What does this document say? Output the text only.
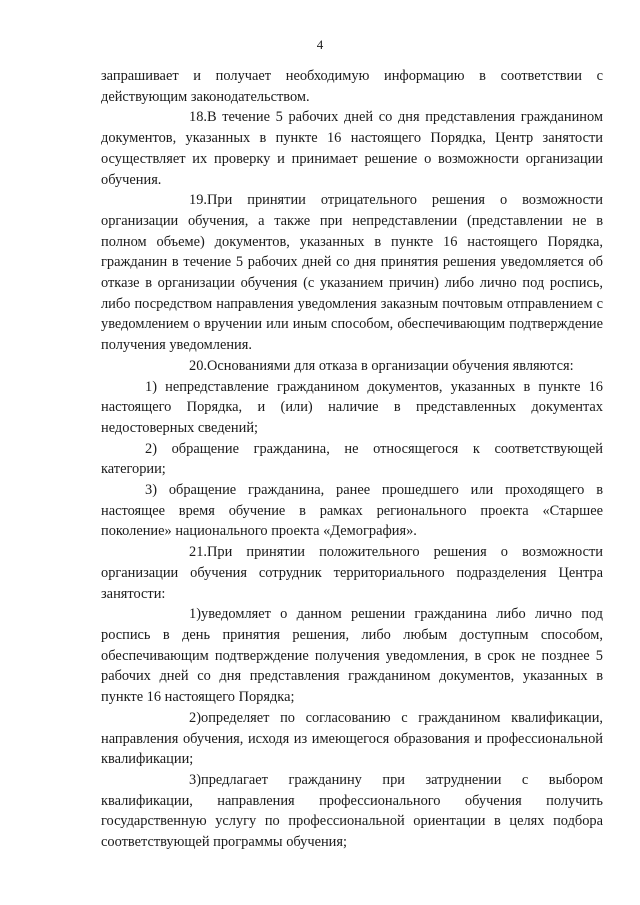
4

запрашивает и получает необходимую информацию в соответствии с действующим законодательством.

18.В течение 5 рабочих дней со дня представления гражданином документов, указанных в пункте 16 настоящего Порядка, Центр занятости осуществляет их проверку и принимает решение о возможности организации обучения.

19.При принятии отрицательного решения о возможности организации обучения, а также при непредставлении (представлении не в полном объеме) документов, указанных в пункте 16 настоящего Порядка, гражданин в течение 5 рабочих дней со дня принятия решения уведомляется об отказе в организации обучения (с указанием причин) либо лично под роспись, либо посредством направления уведомления заказным почтовым отправлением с уведомлением о вручении или иным способом, обеспечивающим подтверждение получения уведомления.

20.Основаниями для отказа в организации обучения являются:

1) непредставление гражданином документов, указанных в пункте 16 настоящего Порядка, и (или) наличие в представленных документах недостоверных сведений;

2) обращение гражданина, не относящегося к соответствующей категории;

3) обращение гражданина, ранее прошедшего или проходящего в настоящее время обучение в рамках регионального проекта «Старшее поколение» национального проекта «Демография».

21.При принятии положительного решения о возможности организации обучения сотрудник территориального подразделения Центра занятости:

1)уведомляет о данном решении гражданина либо лично под роспись в день принятия решения, либо любым доступным способом, обеспечивающим подтверждение получения уведомления, в срок не позднее 5 рабочих дней со дня представления гражданином документов, указанных в пункте 16 настоящего Порядка;

2)определяет по согласованию с гражданином квалификации, направления обучения, исходя из имеющегося образования и профессиональной квалификации;

3)предлагает гражданину при затруднении с выбором квалификации, направления профессионального обучения получить государственную услугу по профессиональной ориентации в целях подбора соответствующей программы обучения;
